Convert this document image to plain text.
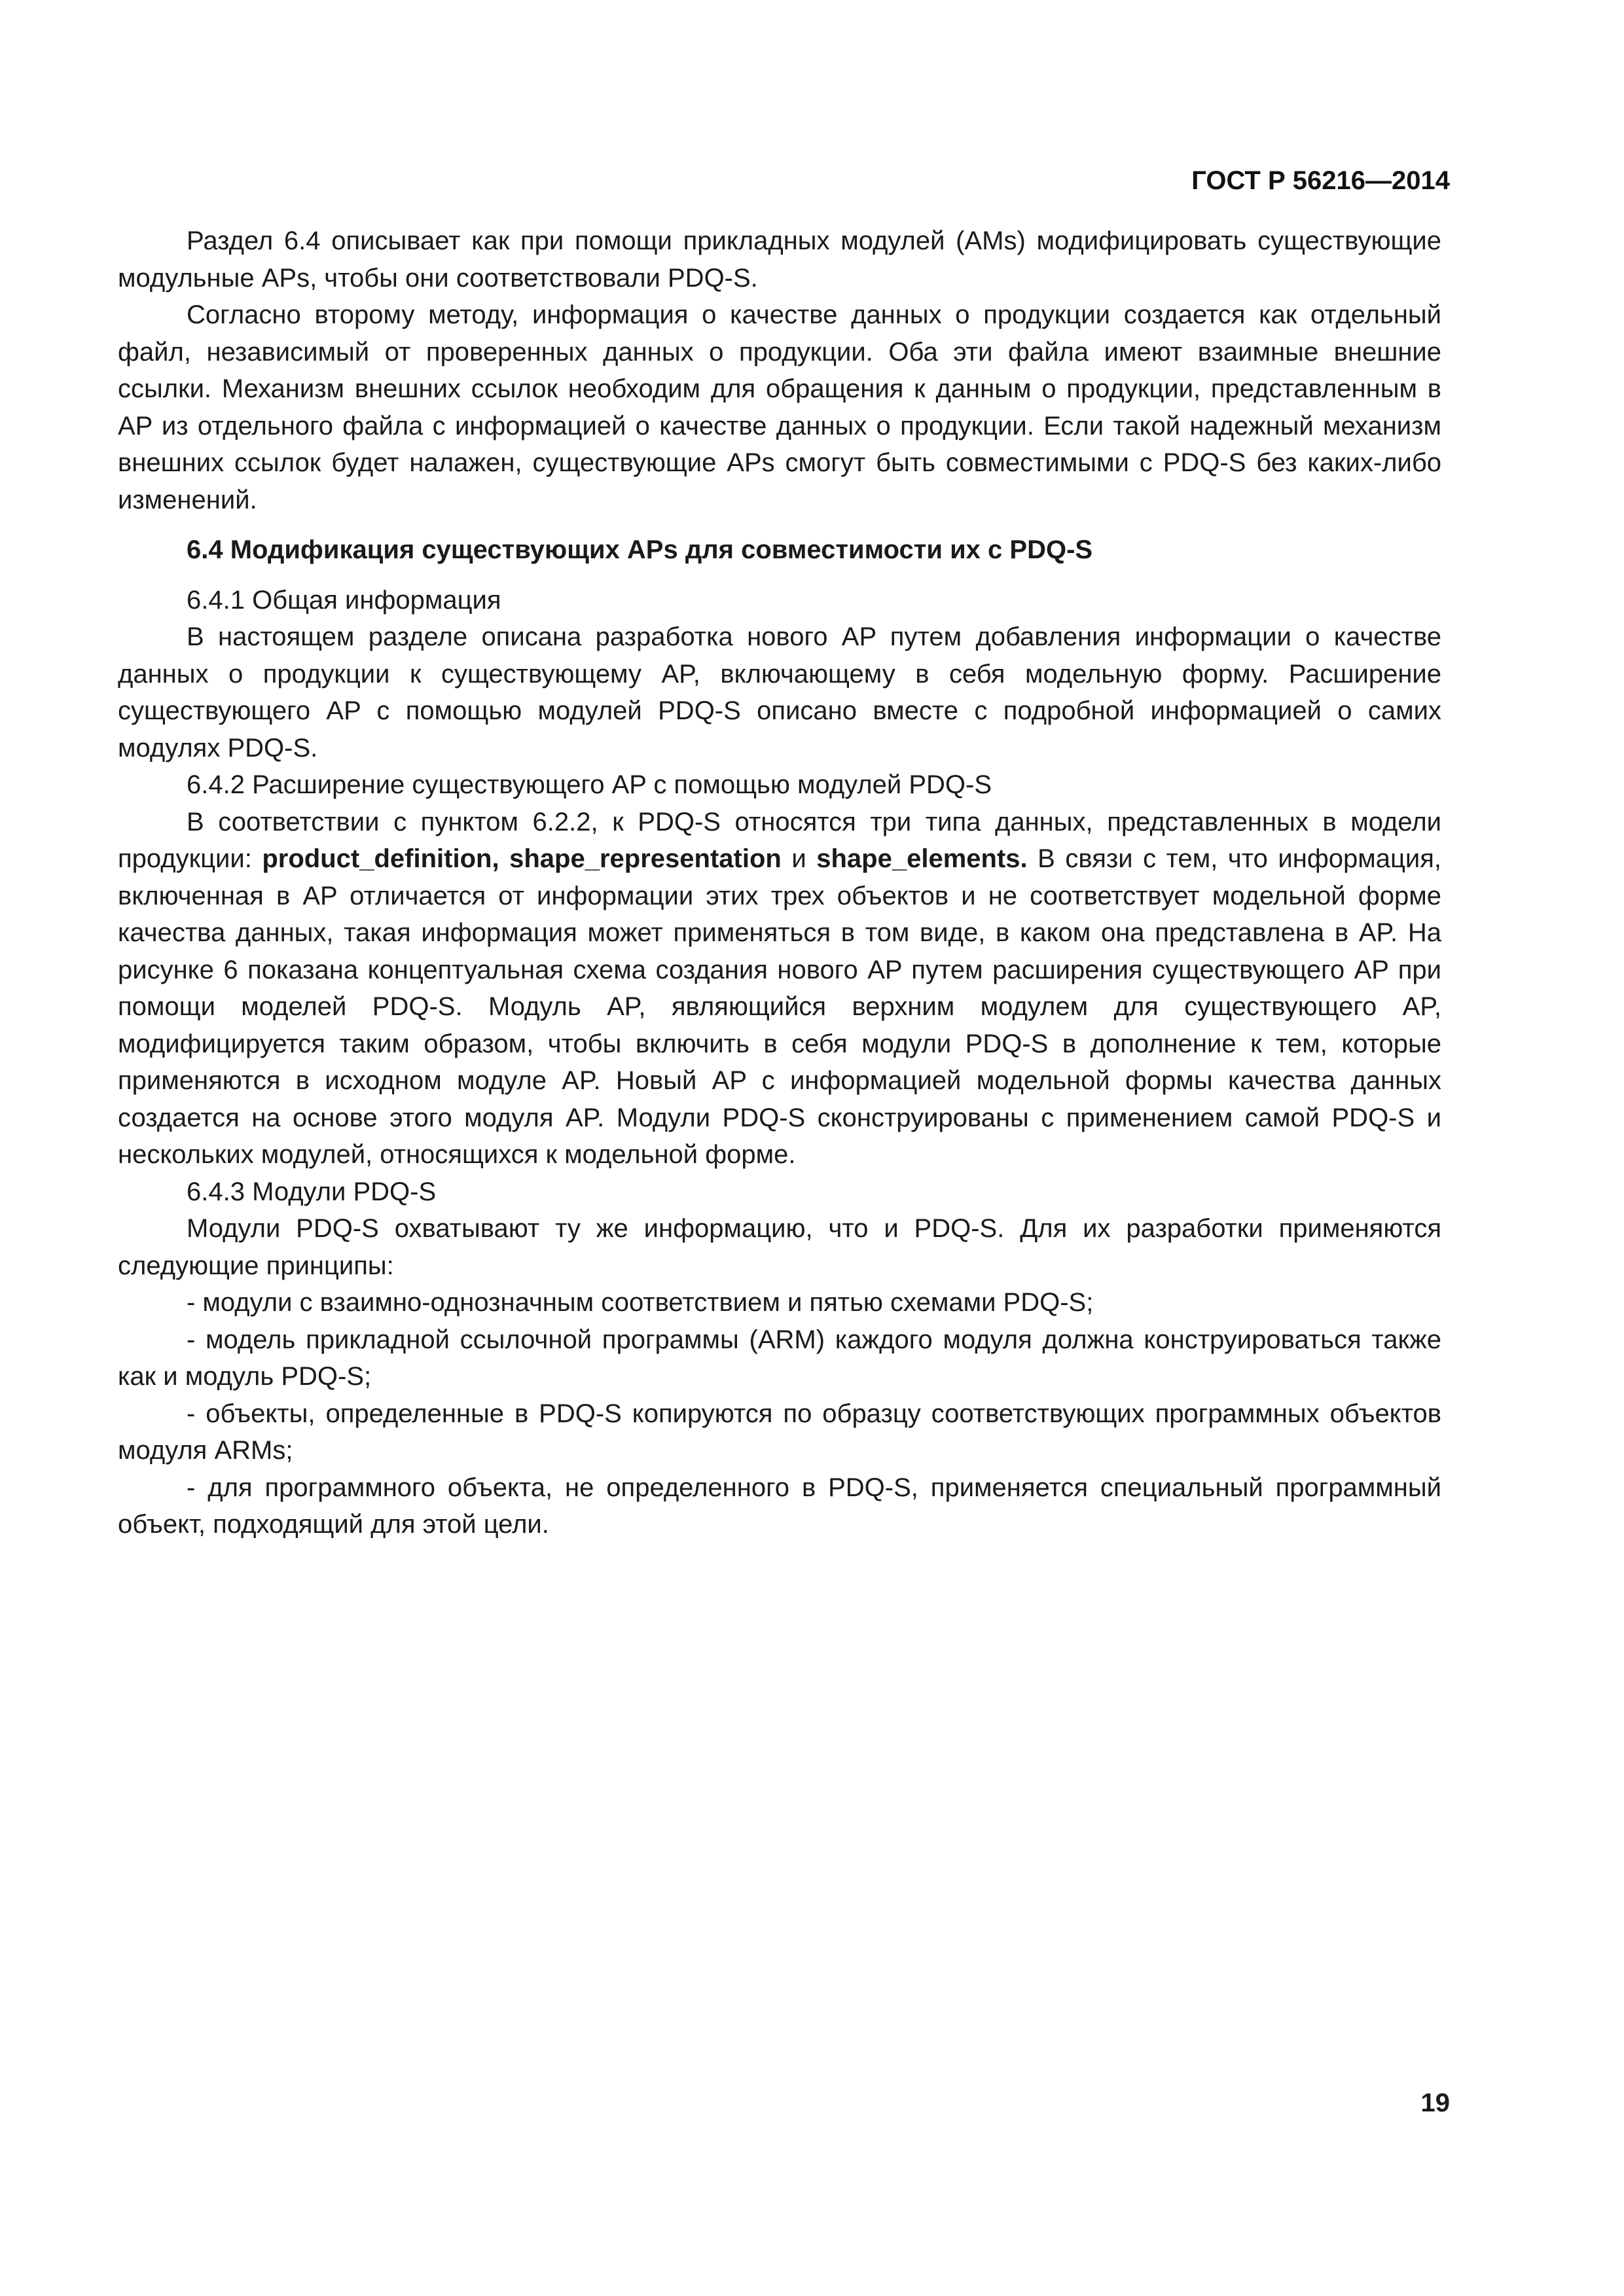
ГОСТ Р 56216—2014

Раздел 6.4 описывает как при помощи прикладных модулей (AMs) модифицировать существующие модульные APs, чтобы они соответствовали PDQ-S.

Согласно второму методу, информация о качестве данных о продукции создается как отдельный файл, независимый от проверенных данных о продукции. Оба эти файла имеют взаимные внешние ссылки. Механизм внешних ссылок необходим для обращения к данным о продукции, представленным в AP из отдельного файла с информацией о качестве данных о продукции. Если такой надежный механизм внешних ссылок будет налажен, существующие APs смогут быть совместимыми с PDQ-S без каких-либо изменений.

6.4 Модификация существующих APs для совместимости их с PDQ-S

6.4.1 Общая информация

В настоящем разделе описана разработка нового AP путем добавления информации о качестве данных о продукции к существующему AP, включающему в себя модельную форму. Расширение существующего AP с помощью модулей PDQ-S описано вместе с подробной информацией о самих модулях PDQ-S.

6.4.2 Расширение существующего AP с помощью модулей PDQ-S

В соответствии с пунктом 6.2.2, к PDQ-S относятся три типа данных, представленных в модели продукции: product_definition, shape_representation и shape_elements. В связи с тем, что информация, включенная в AP отличается от информации этих трех объектов и не соответствует модельной форме качества данных, такая информация может применяться в том виде, в каком она представлена в AP. На рисунке 6 показана концептуальная схема создания нового AP путем расширения существующего AP при помощи моделей PDQ-S. Модуль AP, являющийся верхним модулем для существующего AP, модифицируется таким образом, чтобы включить в себя модули PDQ-S в дополнение к тем, которые применяются в исходном модуле AP. Новый AP с информацией модельной формы качества данных создается на основе этого модуля AP. Модули PDQ-S сконструированы с применением самой PDQ-S и нескольких модулей, относящихся к модельной форме.

6.4.3 Модули PDQ-S

Модули PDQ-S охватывают ту же информацию, что и PDQ-S. Для их разработки применяются следующие принципы:

- модули с взаимно-однозначным соответствием и пятью схемами PDQ-S;

- модель прикладной ссылочной программы (ARM) каждого модуля должна конструироваться также как и модуль PDQ-S;

- объекты, определенные в PDQ-S копируются по образцу соответствующих программных объектов модуля ARMs;

- для программного объекта, не определенного в PDQ-S, применяется специальный программный объект, подходящий для этой цели.

19
